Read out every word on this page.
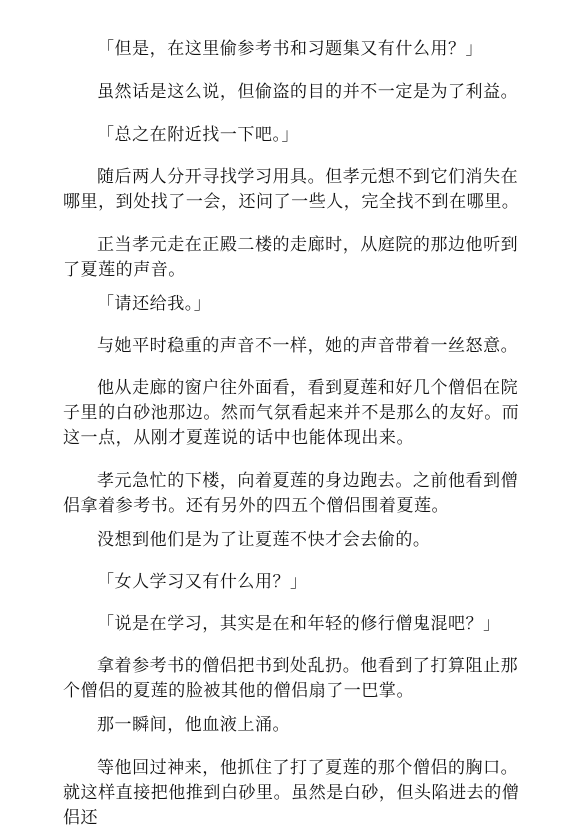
「但是，在这里偷参考书和习题集又有什么用？」

虽然话是这么说，但偷盗的目的并不一定是为了利益。

「总之在附近找一下吧。」

随后两人分开寻找学习用具。但孝元想不到它们消失在哪里，到处找了一会，还问了一些人，完全找不到在哪里。

正当孝元走在正殿二楼的走廊时，从庭院的那边他听到了夏莲的声音。

「请还给我。」

与她平时稳重的声音不一样，她的声音带着一丝怒意。

他从走廊的窗户往外面看，看到夏莲和好几个僧侣在院子里的白砂池那边。然而气氛看起来并不是那么的友好。而这一点，从刚才夏莲说的话中也能体现出来。

孝元急忙的下楼，向着夏莲的身边跑去。之前他看到僧侣拿着参考书。还有另外的四五个僧侣围着夏莲。

没想到他们是为了让夏莲不快才会去偷的。

「女人学习又有什么用？」

「说是在学习，其实是在和年轻的修行僧鬼混吧？」

拿着参考书的僧侣把书到处乱扔。他看到了打算阻止那个僧侣的夏莲的脸被其他的僧侣扇了一巴掌。

那一瞬间，他血液上涌。

等他回过神来，他抓住了打了夏莲的那个僧侣的胸口。就这样直接把他推到白砂里。虽然是白砂，但头陷进去的僧侣还
